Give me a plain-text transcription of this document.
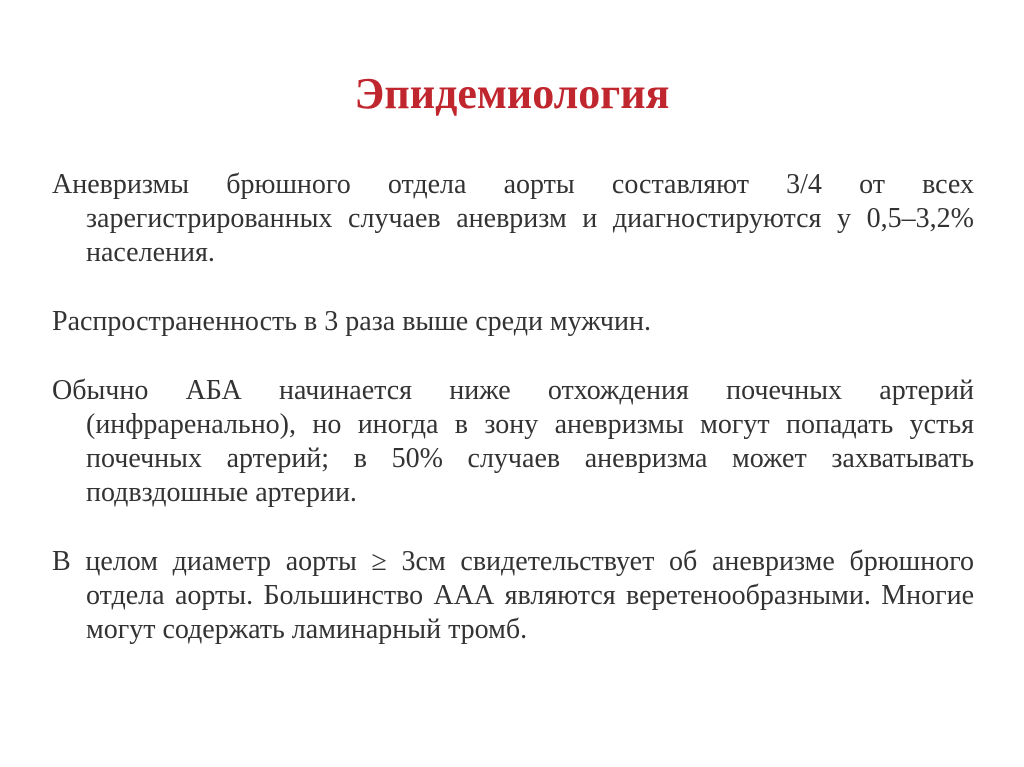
Эпидемиология

Аневризмы брюшного отдела аорты составляют 3/4 от всех зарегистрированных случаев аневризм и диагностируются у 0,5–3,2% населения.

Распространенность в 3 раза выше среди мужчин.

Обычно АБА начинается ниже отхождения почечных артерий (инфраренально), но иногда в зону аневризмы могут попадать устья почечных артерий; в 50% случаев аневризма может захватывать подвздошные артерии.

В целом диаметр аорты ≥ 3см свидетельствует об аневризме брюшного отдела аорты. Большинство ААА являются веретенообразными. Многие могут содержать ламинарный тромб.
